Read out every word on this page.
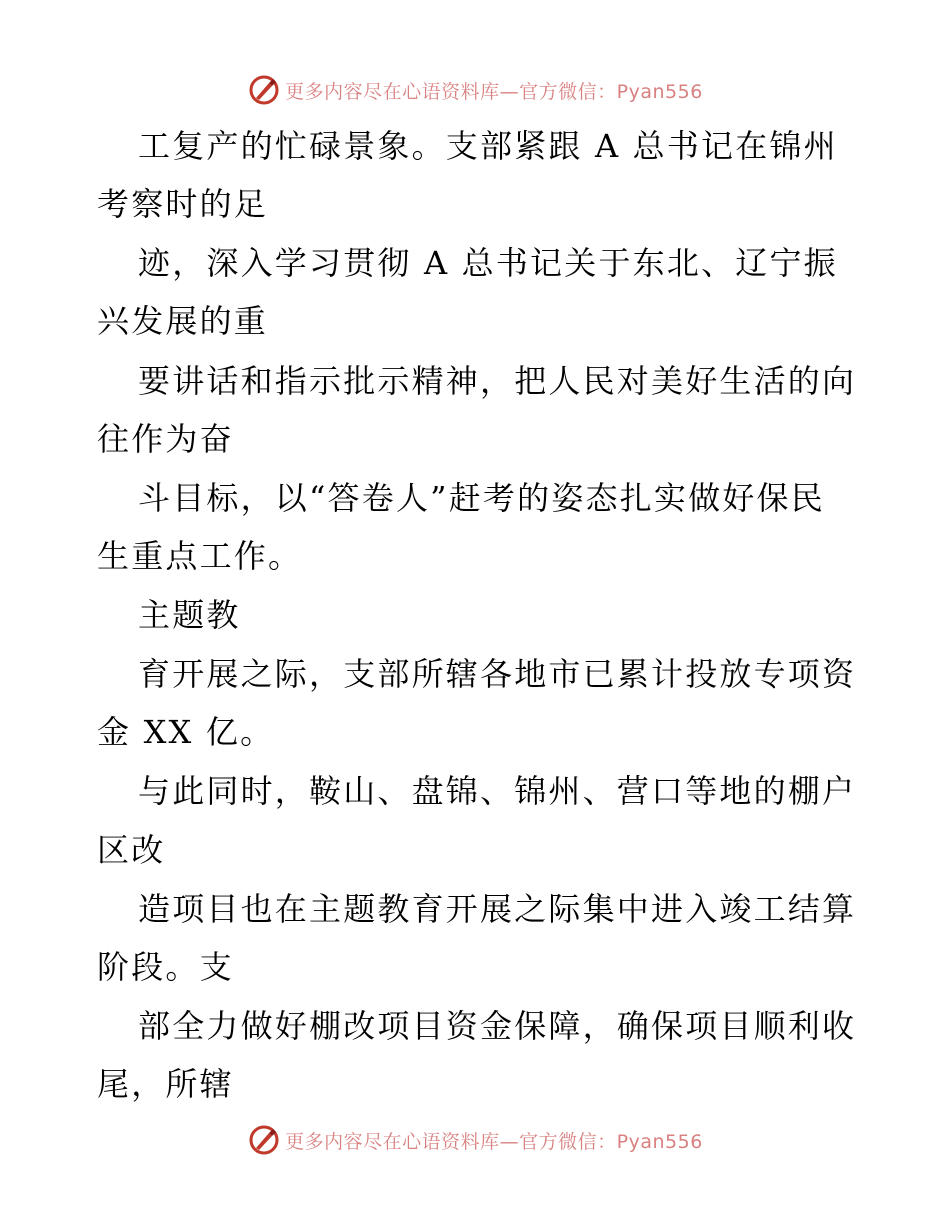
更多内容尽在心语资料库—官方微信：Pyan556
工复产的忙碌景象。支部紧跟 A 总书记在锦州
考察时的足
迹，深入学习贯彻 A 总书记关于东北、辽宁振
兴发展的重
要讲话和指示批示精神，把人民对美好生活的向
往作为奋
斗目标，以“答卷人”赶考的姿态扎实做好保民
生重点工作。
主题教
育开展之际，支部所辖各地市已累计投放专项资
金 XX 亿。
与此同时，鞍山、盘锦、锦州、营口等地的棚户
区改
造项目也在主题教育开展之际集中进入竣工结算
阶段。支
部全力做好棚改项目资金保障，确保项目顺利收
尾，所辖
更多内容尽在心语资料库—官方微信：Pyan556
